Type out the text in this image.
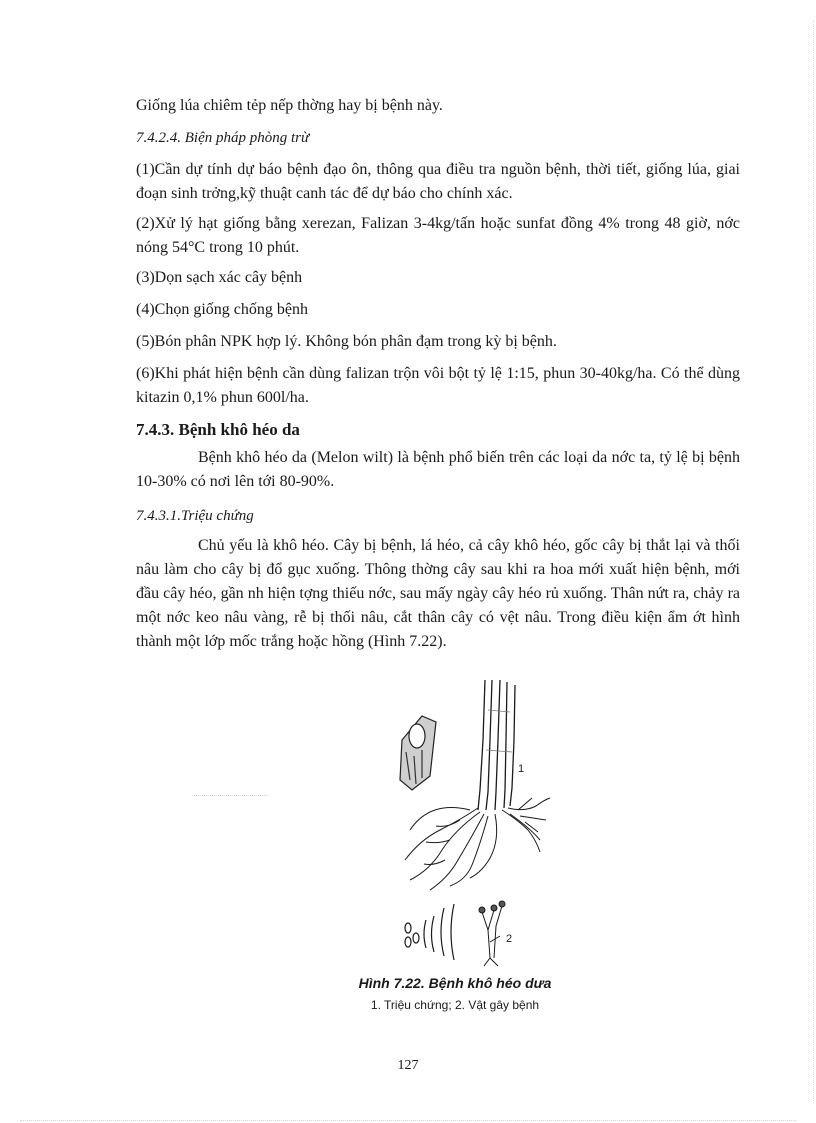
Giống lúa chiêm tẻp nếp thờng hay bị bệnh này.

7.4.2.4. Biện pháp phòng trừ

(1)Cần dự tính dự báo bệnh đạo ôn, thông qua điều tra nguồn bệnh, thời tiết, giống lúa, giai đoạn sinh trởng,kỹ thuật canh tác để dự báo cho chính xác.

(2)Xử lý hạt giống bằng xerezan, Falizan 3-4kg/tấn hoặc sunfat đồng 4% trong 48 giờ, nớc nóng 54°C trong 10 phút.

(3)Dọn sạch xác cây bệnh

(4)Chọn giống chống bệnh

(5)Bón phân NPK hợp lý. Không bón phân đạm trong kỳ bị bệnh.

(6)Khi phát hiện bệnh cần dùng falizan trộn vôi bột tỷ lệ 1:15, phun 30-40kg/ha. Có thể dùng kitazin 0,1% phun 600l/ha.

7.4.3. Bệnh khô héo da

Bệnh khô héo da (Melon wilt) là bệnh phổ biến trên các loại da nớc ta, tỷ lệ bị bệnh 10-30% có nơi lên tới 80-90%.

7.4.3.1.Triệu chứng

Chủ yếu là khô héo. Cây bị bệnh, lá héo, cả cây khô héo, gốc cây bị thắt lại và thối nâu làm cho cây bị đổ gục xuống. Thông thờng cây sau khi ra hoa mới xuất hiện bệnh, mới đầu cây héo, gần nh hiện tợng thiếu nớc, sau mấy ngày cây héo rủ xuống. Thân nứt ra, chảy ra một nớc keo nâu vàng, rễ bị thối nâu, cắt thân cây có vệt nâu. Trong điều kiện ẩm ớt hình thành một lớp mốc trắng hoặc hồng (Hình 7.22).

1
2
Hình 7.22. Bệnh khô héo dưa
1. Triệu chứng; 2. Vật gây bệnh

127
